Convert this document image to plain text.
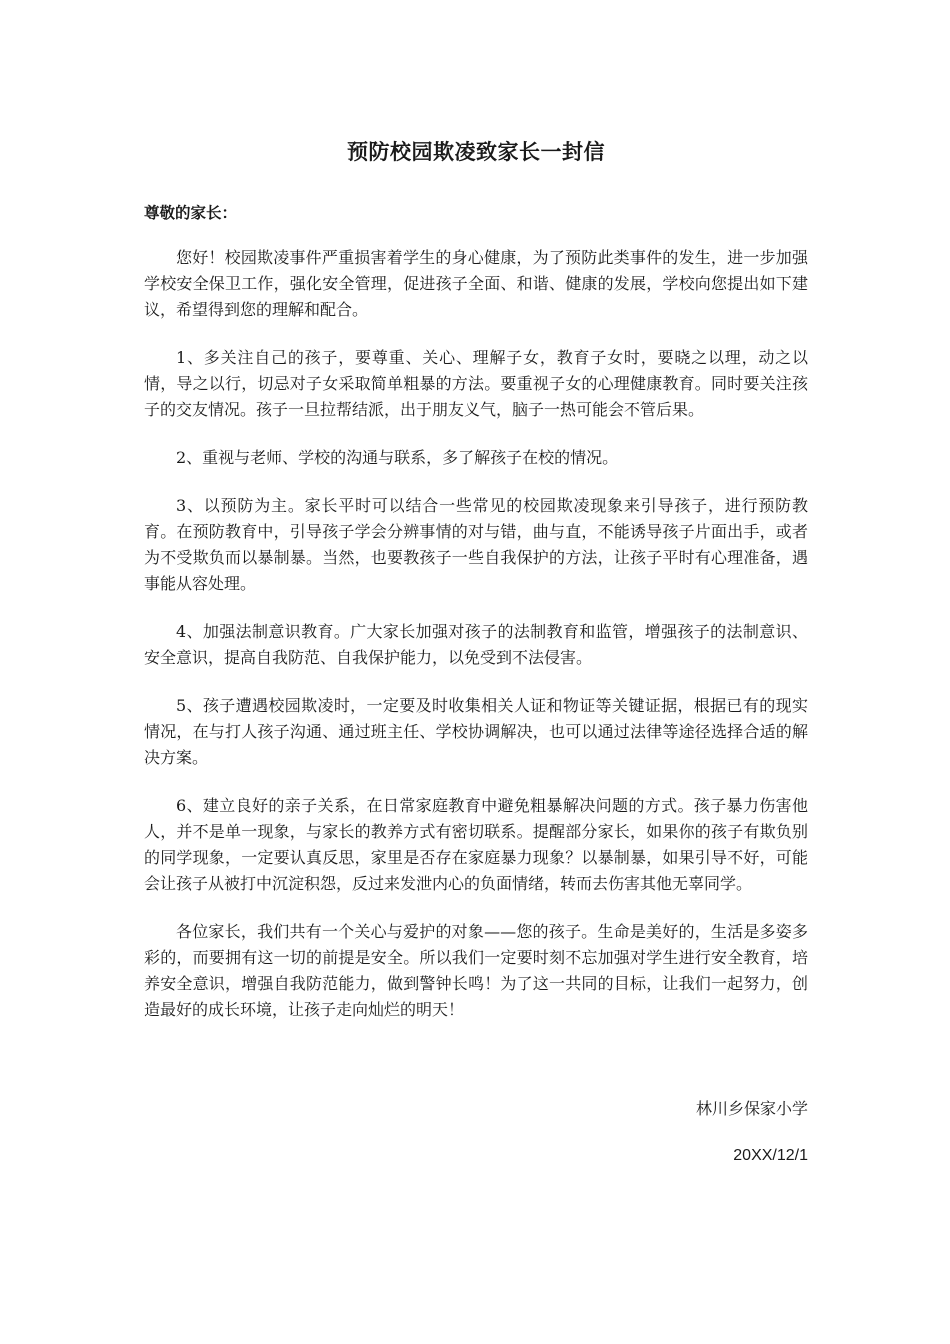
预防校园欺凌致家长一封信
尊敬的家长：

您好！校园欺凌事件严重损害着学生的身心健康，为了预防此类事件的发生，进一步加强学校安全保卫工作，强化安全管理，促进孩子全面、和谐、健康的发展，学校向您提出如下建议，希望得到您的理解和配合。

1、多关注自己的孩子，要尊重、关心、理解子女，教育子女时，要晓之以理，动之以情，导之以行，切忌对子女采取简单粗暴的方法。要重视子女的心理健康教育。同时要关注孩子的交友情况。孩子一旦拉帮结派，出于朋友义气，脑子一热可能会不管后果。

2、重视与老师、学校的沟通与联系，多了解孩子在校的情况。

3、以预防为主。家长平时可以结合一些常见的校园欺凌现象来引导孩子，进行预防教育。在预防教育中，引导孩子学会分辨事情的对与错，曲与直，不能诱导孩子片面出手，或者为不受欺负而以暴制暴。当然，也要教孩子一些自我保护的方法，让孩子平时有心理准备，遇事能从容处理。

4、加强法制意识教育。广大家长加强对孩子的法制教育和监管，增强孩子的法制意识、安全意识，提高自我防范、自我保护能力，以免受到不法侵害。

5、孩子遭遇校园欺凌时，一定要及时收集相关人证和物证等关键证据，根据已有的现实情况，在与打人孩子沟通、通过班主任、学校协调解决，也可以通过法律等途径选择合适的解决方案。

6、建立良好的亲子关系，在日常家庭教育中避免粗暴解决问题的方式。孩子暴力伤害他人，并不是单一现象，与家长的教养方式有密切联系。提醒部分家长，如果你的孩子有欺负别的同学现象，一定要认真反思，家里是否存在家庭暴力现象？以暴制暴，如果引导不好，可能会让孩子从被打中沉淀积怨，反过来发泄内心的负面情绪，转而去伤害其他无辜同学。

各位家长，我们共有一个关心与爱护的对象——您的孩子。生命是美好的，生活是多姿多彩的，而要拥有这一切的前提是安全。所以我们一定要时刻不忘加强对学生进行安全教育，培养安全意识，增强自我防范能力，做到警钟长鸣！为了这一共同的目标，让我们一起努力，创造最好的成长环境，让孩子走向灿烂的明天！

林川乡保家小学
20XX/12/1
